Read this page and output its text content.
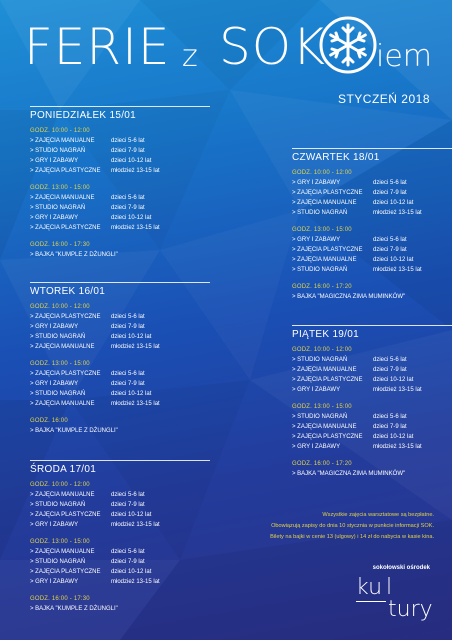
FERIE z SOK iem
STYCZEŃ 2018
PONIEDZIAŁEK 15/01
GODZ. 10:00 - 12:00
> ZAJĘCIA MANUALNE	dzieci 5-6 lat
> STUDIO NAGRAŃ	dzieci 7-9 lat
> GRY I ZABAWY	dzieci 10-12 lat
> ZAJĘCIA PLASTYCZNE	młodzież 13-15 lat
GODZ. 13:00 - 15:00
> ZAJĘCIA MANUALNE	dzieci 5-6 lat
> STUDIO NAGRAŃ	dzieci 7-9 lat
> GRY I ZABAWY	dzieci 10-12 lat
> ZAJĘCIA PLASTYCZNE	młodzież 13-15 lat
GODZ. 16:00 - 17:30
> BAJKA "KUMPLE Z DŻUNGLI"
WTOREK 16/01
GODZ. 10:00 - 12:00
> ZAJĘCIA PLASTYCZNE	dzieci 5-6 lat
> GRY I ZABAWY	dzieci 7-9 lat
> STUDIO NAGRAŃ	dzieci 10-12 lat
> ZAJĘCIA MANUALNE	młodzież 13-15 lat
GODZ. 13:00 - 15:00
> ZAJĘCIA PLASTYCZNE	dzieci 5-6 lat
> GRY I ZABAWY	dzieci 7-9 lat
> STUDIO NAGRAŃ	dzieci 10-12 lat
> ZAJĘCIA MANUALNE	młodzież 13-15 lat
GODZ. 16:00
> BAJKA "KUMPLE Z DŻUNGLI"
ŚRODA 17/01
GODZ. 10:00 - 12:00
> ZAJĘCIA MANUALNE	dzieci 5-6 lat
> STUDIO NAGRAŃ	dzieci 7-9 lat
> ZAJĘCIA PLASTYCZNE	dzieci 10-12 lat
> GRY I ZABAWY	młodzież 13-15 lat
GODZ. 13:00 - 15:00
> ZAJĘCIA MANUALNE	dzieci 5-6 lat
> STUDIO NAGRAŃ	dzieci 7-9 lat
> ZAJĘCIA PLASTYCZNE	dzieci 10-12 lat
> GRY I ZABAWY	młodzież 13-15 lat
GODZ. 16:00 - 17:30
> BAJKA "KUMPLE Z DŻUNGLI"
CZWARTEK 18/01
GODZ. 10:00 - 12:00
> GRY I ZABAWY	dzieci 5-6 lat
> ZAJĘCIA PLASTYCZNE	dzieci 7-9 lat
> ZAJĘCIA MANUALNE	dzieci 10-12 lat
> STUDIO NAGRAŃ	młodzież 13-15 lat
GODZ. 13:00 - 15:00
> GRY I ZABAWY	dzieci 5-6 lat
> ZAJĘCIA PLASTYCZNE	dzieci 7-9 lat
> ZAJĘCIA MANUALNE	dzieci 10-12 lat
> STUDIO NAGRAŃ	młodzież 13-15 lat
GODZ. 16:00 - 17:20
> BAJKA "MAGICZNA ZIMA MUMINKÓW"
PIĄTEK 19/01
GODZ. 10:00 - 12:00
> STUDIO NAGRAŃ	dzieci 5-6 lat
> ZAJĘCIA MANUALNE	dzieci 7-9 lat
> ZAJĘCIA PLASTYCZNE	dzieci 10-12 lat
> GRY I ZABAWY	młodzież 13-15 lat
GODZ. 13:00 - 15:00
> STUDIO NAGRAŃ	dzieci 5-6 lat
> ZAJĘCIA MANUALNE	dzieci 7-9 lat
> ZAJĘCIA PLASTYCZNE	dzieci 10-12 lat
> GRY I ZABAWY	młodzież 13-15 lat
GODZ. 16:00 - 17:20
> BAJKA "MAGICZNA ZIMA MUMINKÓW"
Wszystkie zajęcia warsztatowe są bezpłatne.
Obowiązują zapisy do dnia 10 stycznia w punkcie informacji SOK.
Bilety na bajki w cenie 13 (ulgowy) i 14 zł do nabycia w kasie kina.
sokołowski ośrodek
ku l
tury
